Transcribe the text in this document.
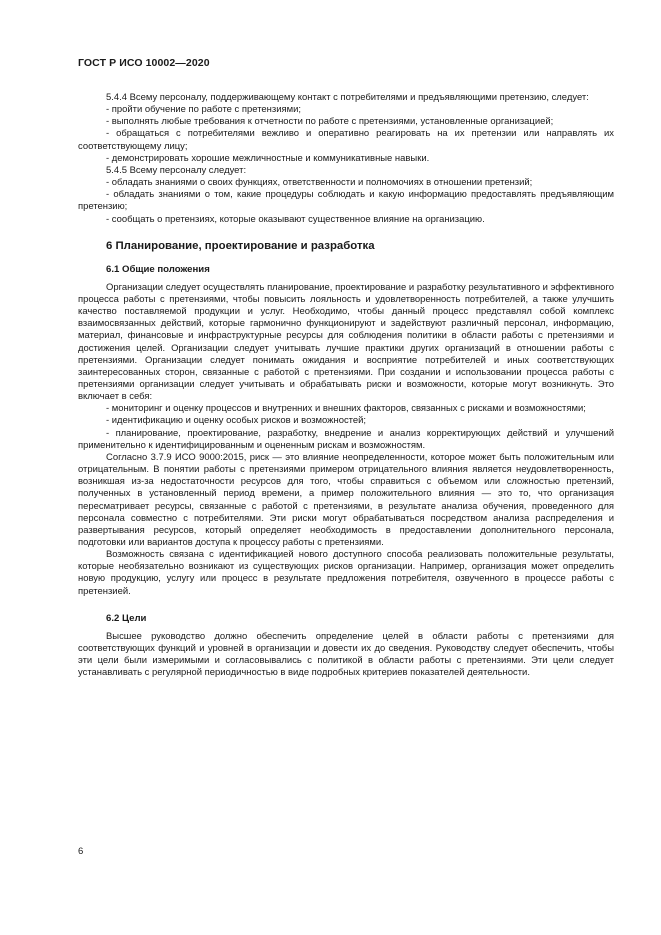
ГОСТ Р ИСО 10002—2020

5.4.4 Всему персоналу, поддерживающему контакт с потребителями и предъявляющими претензию, следует:

- пройти обучение по работе с претензиями;

- выполнять любые требования к отчетности по работе с претензиями, установленные организацией;

- обращаться с потребителями вежливо и оперативно реагировать на их претензии или направлять их соответствующему лицу;

- демонстрировать хорошие межличностные и коммуникативные навыки.

5.4.5 Всему персоналу следует:

- обладать знаниями о своих функциях, ответственности и полномочиях в отношении претензий;

- обладать знаниями о том, какие процедуры соблюдать и какую информацию предоставлять предъявляющим претензию;

- сообщать о претензиях, которые оказывают существенное влияние на организацию.

6 Планирование, проектирование и разработка
6.1 Общие положения

Организации следует осуществлять планирование, проектирование и разработку результативного и эффективного процесса работы с претензиями, чтобы повысить лояльность и удовлетворенность потребителей, а также улучшить качество поставляемой продукции и услуг. Необходимо, чтобы данный процесс представлял собой комплекс взаимосвязанных действий, которые гармонично функционируют и задействуют различный персонал, информацию, материал, финансовые и инфраструктурные ресурсы для соблюдения политики в области работы с претензиями и достижения целей. Организации следует учитывать лучшие практики других организаций в отношении работы с претензиями. Организации следует понимать ожидания и восприятие потребителей и иных соответствующих заинтересованных сторон, связанные с работой с претензиями. При создании и использовании процесса работы с претензиями организации следует учитывать и обрабатывать риски и возможности, которые могут возникнуть. Это включает в себя:

- мониторинг и оценку процессов и внутренних и внешних факторов, связанных с рисками и возможностями;

- идентификацию и оценку особых рисков и возможностей;

- планирование, проектирование, разработку, внедрение и анализ корректирующих действий и улучшений применительно к идентифицированным и оцененным рискам и возможностям.

Согласно 3.7.9 ИСО 9000:2015, риск — это влияние неопределенности, которое может быть положительным или отрицательным. В понятии работы с претензиями примером отрицательного влияния является неудовлетворенность, возникшая из-за недостаточности ресурсов для того, чтобы справиться с объемом или сложностью претензий, полученных в установленный период времени, а пример положительного влияния — это то, что организация пересматривает ресурсы, связанные с работой с претензиями, в результате анализа обучения, проведенного для персонала совместно с потребителями. Эти риски могут обрабатываться посредством анализа распределения и развертывания ресурсов, который определяет необходимость в предоставлении дополнительного персонала, подготовки или вариантов доступа к процессу работы с претензиями.

Возможность связана с идентификацией нового доступного способа реализовать положительные результаты, которые необязательно возникают из существующих рисков организации. Например, организация может определить новую продукцию, услугу или процесс в результате предложения потребителя, озвученного в процессе работы с претензией.

6.2 Цели

Высшее руководство должно обеспечить определение целей в области работы с претензиями для соответствующих функций и уровней в организации и довести их до сведения. Руководству следует обеспечить, чтобы эти цели были измеримыми и согласовывались с политикой в области работы с претензиями. Эти цели следует устанавливать с регулярной периодичностью в виде подробных критериев показателей деятельности.

6
